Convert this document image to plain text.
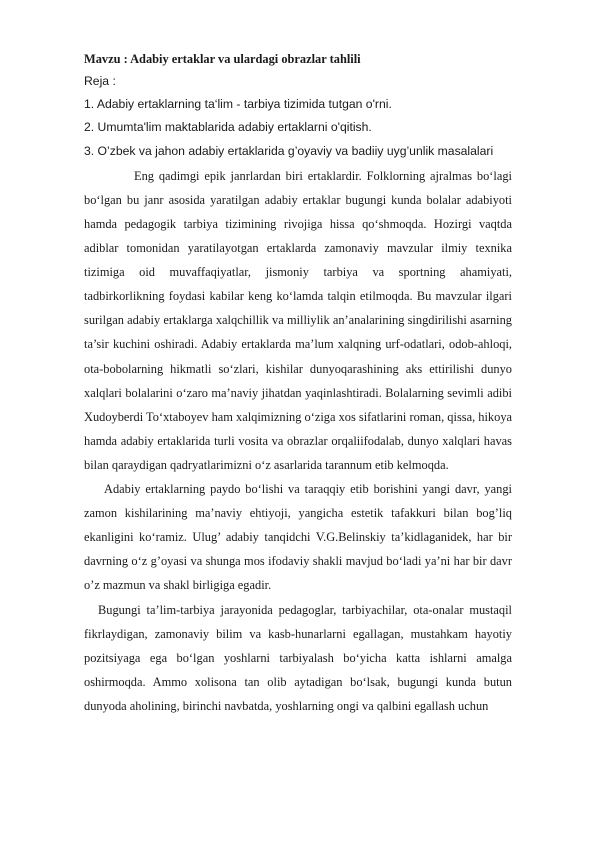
Mavzu : Adabiy ertaklar va ulardagi obrazlar tahlili

Reja :

1. Adabiy ertaklarning ta‘lim - tarbiya tizimida tutgan o'rni.

2. Umumta'lim maktablarida adabiy ertaklarni o'qitish.

3. O’zbek va jahon adabiy ertaklarida g’oyaviy va badiiy uyg’unlik masalalari

Eng qadimgi epik janrlardan biri ertaklardir. Folklorning ajralmas bo‘lagi bo‘lgan bu janr asosida yaratilgan adabiy ertaklar bugungi kunda bolalar adabiyoti hamda pedagogik tarbiya tizimining rivojiga hissa qo‘shmoqda. Hozirgi vaqtda adiblar tomonidan yaratilayotgan ertaklarda zamonaviy mavzular ilmiy texnika tizimiga oid muvaffaqiyatlar, jismoniy tarbiya va sportning ahamiyati, tadbirkorlikning foydasi kabilar keng ko‘lamda talqin etilmoqda. Bu mavzular ilgari surilgan adabiy ertaklarga xalqchillik va milliylik an’analarining singdirilishi asarning ta’sir kuchini oshiradi. Adabiy ertaklarda ma’lum xalqning urf-odatlari, odob-ahloqi, ota-bobolarning hikmatli so‘zlari, kishilar dunyoqarashining aks ettirilishi dunyo xalqlari bolalarini o‘zaro ma’naviy jihatdan yaqinlashtiradi. Bolalarning sevimli adibi Xudoyberdi To‘xtaboyev ham xalqimizning o‘ziga xos sifatlarini roman, qissa, hikoya hamda adabiy ertaklarida turli vosita va obrazlar orqaliifodalab, dunyo xalqlari havas bilan qaraydigan qadryatlarimizni o‘z asarlarida tarannum etib kelmoqda.

Adabiy ertaklarning paydo bo‘lishi va taraqqiy etib borishini yangi davr, yangi zamon kishilarining ma’naviy ehtiyoji, yangicha estetik tafakkuri bilan bog’liq ekanligini ko‘ramiz. Ulug’ adabiy tanqidchi V.G.Belinskiy ta’kidlaganidek, har bir davrning o‘z g’oyasi va shunga mos ifodaviy shakli mavjud bo‘ladi ya’ni har bir davr o’z mazmun va shakl birligiga egadir.

Bugungi ta’lim-tarbiya jarayonida pedagoglar, tarbiyachilar, ota-onalar mustaqil fikrlaydigan, zamonaviy bilim va kasb-hunarlarni egallagan, mustahkam hayotiy pozitsiyaga ega bo‘lgan yoshlarni tarbiyalash bo‘yicha katta ishlarni amalga oshirmoqda. Ammo xolisona tan olib aytadigan bo‘lsak, bugungi kunda butun dunyoda aholining, birinchi navbatda, yoshlarning ongi va qalbini egallash uchun
